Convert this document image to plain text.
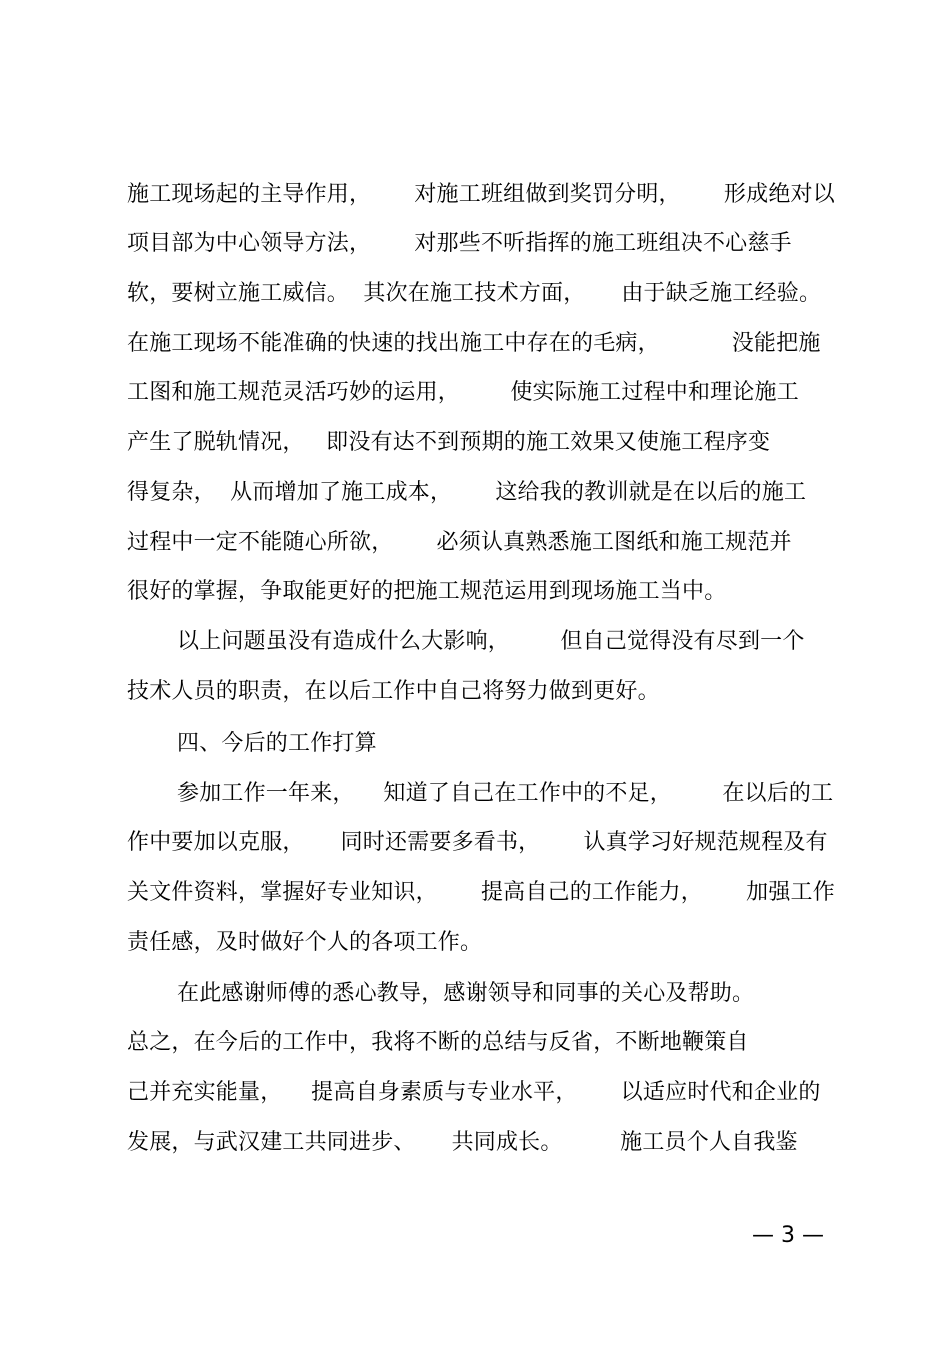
施工现场起的主导作用，      对施工班组做到奖罚分明，      形成绝对以
项目部为中心领导方法，      对那些不听指挥的施工班组决不心慈手
软，要树立施工威信。  其次在施工技术方面，     由于缺乏施工经验。
在施工现场不能准确的快速的找出施工中存在的毛病，          没能把施
工图和施工规范灵活巧妙的运用，       使实际施工过程中和理论施工
产生了脱轨情况，   即没有达不到预期的施工效果又使施工程序变
得复杂，  从而增加了施工成本，      这给我的教训就是在以后的施工
过程中一定不能随心所欲，      必须认真熟悉施工图纸和施工规范并
很好的掌握，争取能更好的把施工规范运用到现场施工当中。
以上问题虽没有造成什么大影响，       但自己觉得没有尽到一个
技术人员的职责，在以后工作中自己将努力做到更好。
四、今后的工作打算
参加工作一年来，    知道了自己在工作中的不足，       在以后的工
作中要加以克服，     同时还需要多看书，      认真学习好规范规程及有
关文件资料，掌握好专业知识，      提高自己的工作能力，      加强工作
责任感，及时做好个人的各项工作。
在此感谢师傅的悉心教导，感谢领导和同事的关心及帮助。
总之，在今后的工作中，我将不断的总结与反省，不断地鞭策自
己并充实能量，    提高自身素质与专业水平，      以适应时代和企业的
发展，与武汉建工共同进步、     共同成长。        施工员个人自我鉴
— 3 —
